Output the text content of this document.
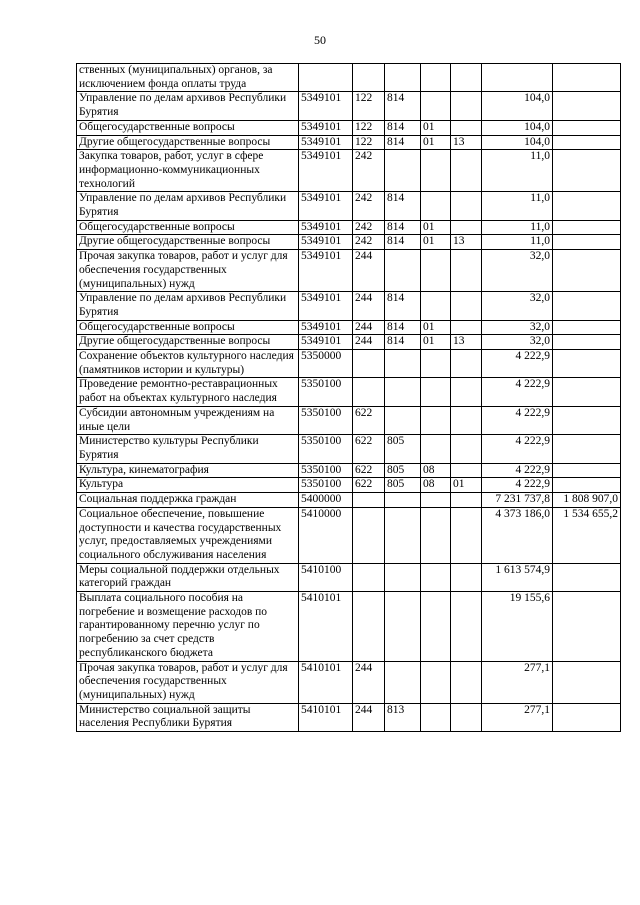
50
ственных (муниципальных) органов, за исключением фонда оплаты труда							
Управление по делам архивов Республики Бурятия	5349101	122	814			104,0	
Общегосударственные вопросы	5349101	122	814	01		104,0	
Другие общегосударственные вопросы	5349101	122	814	01	13	104,0	
Закупка товаров, работ, услуг в сфере информационно-коммуникационных технологий	5349101	242				11,0	
Управление по делам архивов Республики Бурятия	5349101	242	814			11,0	
Общегосударственные вопросы	5349101	242	814	01		11,0	
Другие общегосударственные вопросы	5349101	242	814	01	13	11,0	
Прочая закупка товаров, работ и услуг для обеспечения государственных (муниципальных) нужд	5349101	244				32,0	
Управление по делам архивов Республики Бурятия	5349101	244	814			32,0	
Общегосударственные вопросы	5349101	244	814	01		32,0	
Другие общегосударственные вопросы	5349101	244	814	01	13	32,0	
Сохранение объектов культурного наследия (памятников истории и культуры)	5350000					4 222,9	
Проведение ремонтно-реставрационных работ на объектах культурного наследия	5350100					4 222,9	
Субсидии автономным учреждениям на иные цели	5350100	622				4 222,9	
Министерство культуры Республики Бурятия	5350100	622	805			4 222,9	
Культура, кинематография	5350100	622	805	08		4 222,9	
Культура	5350100	622	805	08	01	4 222,9	
Социальная поддержка граждан	5400000					7 231 737,8	1 808 907,0
Социальное обеспечение, повышение доступности и качества государственных услуг, предоставляемых учреждениями социального обслуживания населения	5410000					4 373 186,0	1 534 655,2
Меры социальной поддержки отдельных категорий граждан	5410100					1 613 574,9	
Выплата социального пособия на погребение и возмещение расходов по гарантированному перечню услуг по погребению за счет средств республиканского бюджета	5410101					19 155,6	
Прочая закупка товаров, работ и услуг для обеспечения государственных (муниципальных) нужд	5410101	244				277,1	
Министерство социальной защиты населения Республики Бурятия	5410101	244	813			277,1	
